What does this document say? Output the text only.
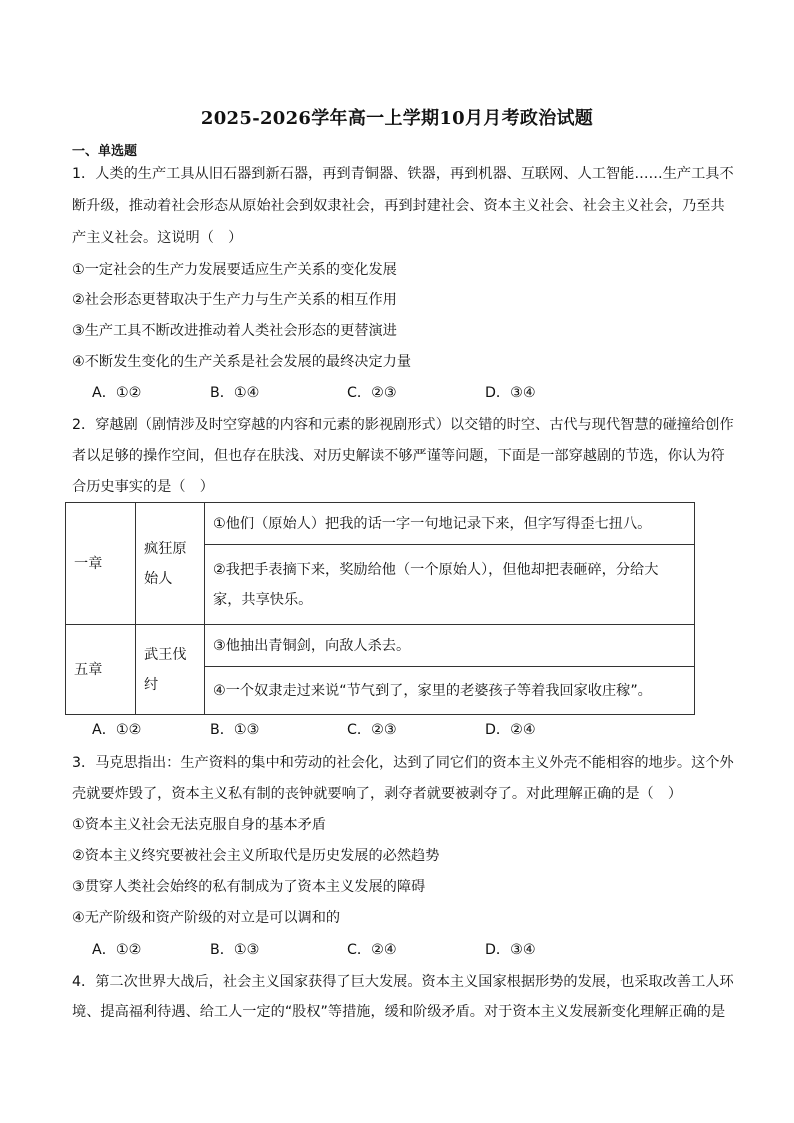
2025-2026学年高一上学期10月月考政治试题
一、单选题
1．人类的生产工具从旧石器到新石器，再到青铜器、铁器，再到机器、互联网、人工智能……生产工具不
断升级，推动着社会形态从原始社会到奴隶社会，再到封建社会、资本主义社会、社会主义社会，乃至共
产主义社会。这说明（　）
①一定社会的生产力发展要适应生产关系的变化发展
②社会形态更替取决于生产力与生产关系的相互作用
③生产工具不断改进推动着人类社会形态的更替演进
④不断发生变化的生产关系是社会发展的最终决定力量
A．①②	B．①④	C．②③	D．③④
2．穿越剧（剧情涉及时空穿越的内容和元素的影视剧形式）以交错的时空、古代与现代智慧的碰撞给创作
者以足够的操作空间，但也存在肤浅、对历史解读不够严谨等问题，下面是一部穿越剧的节选，你认为符
合历史事实的是（　）
一章	疯狂原始人	①他们（原始人）把我的话一字一句地记录下来，但字写得歪七扭八。
		②我把手表摘下来，奖励给他（一个原始人），但他却把表砸碎，分给大家，共享快乐。
五章	武王伐纣	③他抽出青铜剑，向敌人杀去。
		④一个奴隶走过来说“节气到了，家里的老婆孩子等着我回家收庄稼”。
A．①②	B．①③	C．②③	D．②④
3．马克思指出：生产资料的集中和劳动的社会化，达到了同它们的资本主义外壳不能相容的地步。这个外
壳就要炸毁了，资本主义私有制的丧钟就要响了，剥夺者就要被剥夺了。对此理解正确的是（　）
①资本主义社会无法克服自身的基本矛盾
②资本主义终究要被社会主义所取代是历史发展的必然趋势
③贯穿人类社会始终的私有制成为了资本主义发展的障碍
④无产阶级和资产阶级的对立是可以调和的
A．①②	B．①③	C．②④	D．③④
4．第二次世界大战后，社会主义国家获得了巨大发展。资本主义国家根据形势的发展，也采取改善工人环
境、提高福利待遇、给工人一定的“股权”等措施，缓和阶级矛盾。对于资本主义发展新变化理解正确的是
